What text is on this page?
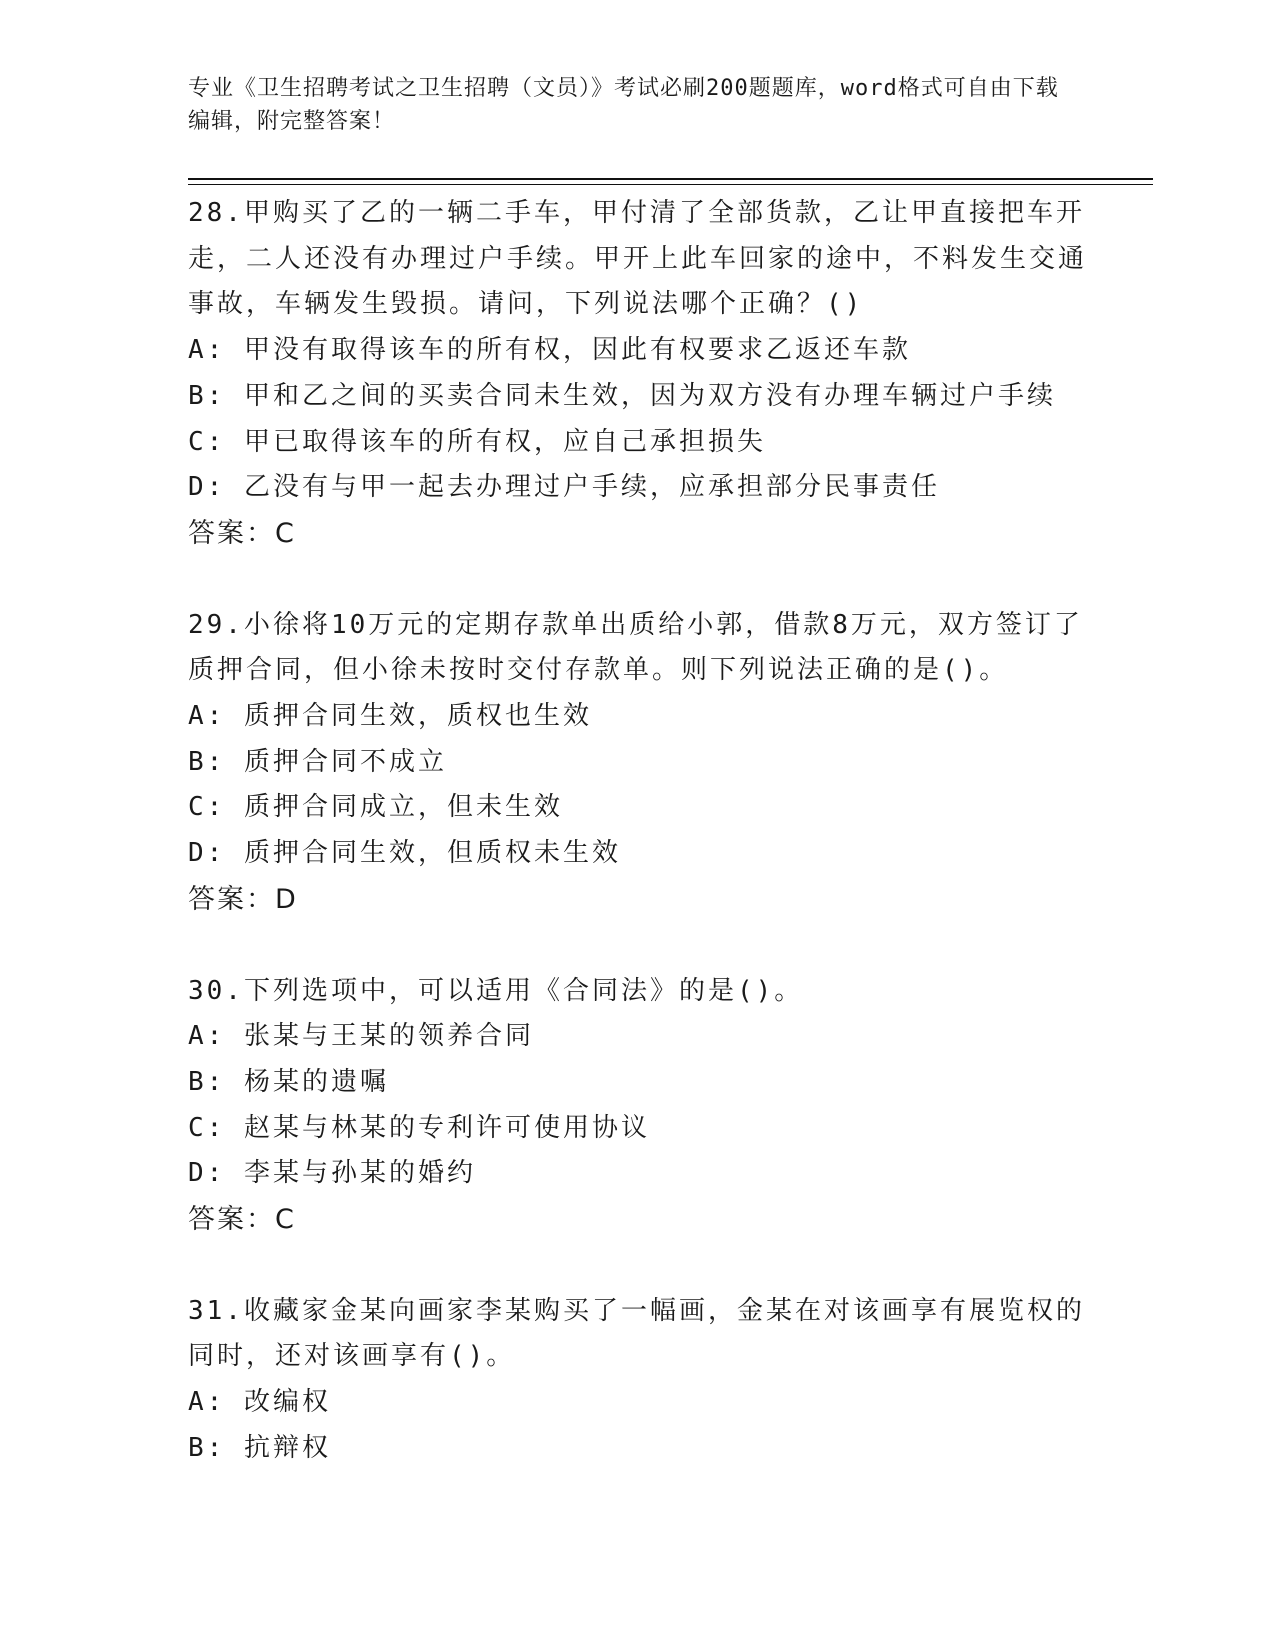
专业《卫生招聘考试之卫生招聘（文员）》考试必刷200题题库，word格式可自由下载编辑，附完整答案！
28.甲购买了乙的一辆二手车，甲付清了全部货款，乙让甲直接把车开走，二人还没有办理过户手续。甲开上此车回家的途中，不料发生交通事故，车辆发生毁损。请问，下列说法哪个正确？()
A: 甲没有取得该车的所有权，因此有权要求乙返还车款
B: 甲和乙之间的买卖合同未生效，因为双方没有办理车辆过户手续
C: 甲已取得该车的所有权，应自己承担损失
D: 乙没有与甲一起去办理过户手续，应承担部分民事责任
答案：C
29.小徐将10万元的定期存款单出质给小郭，借款8万元，双方签订了质押合同，但小徐未按时交付存款单。则下列说法正确的是()。
A: 质押合同生效，质权也生效
B: 质押合同不成立
C: 质押合同成立，但未生效
D: 质押合同生效，但质权未生效
答案：D
30.下列选项中，可以适用《合同法》的是()。
A: 张某与王某的领养合同
B: 杨某的遗嘱
C: 赵某与林某的专利许可使用协议
D: 李某与孙某的婚约
答案：C
31.收藏家金某向画家李某购买了一幅画，金某在对该画享有展览权的同时，还对该画享有()。
A: 改编权
B: 抗辩权
